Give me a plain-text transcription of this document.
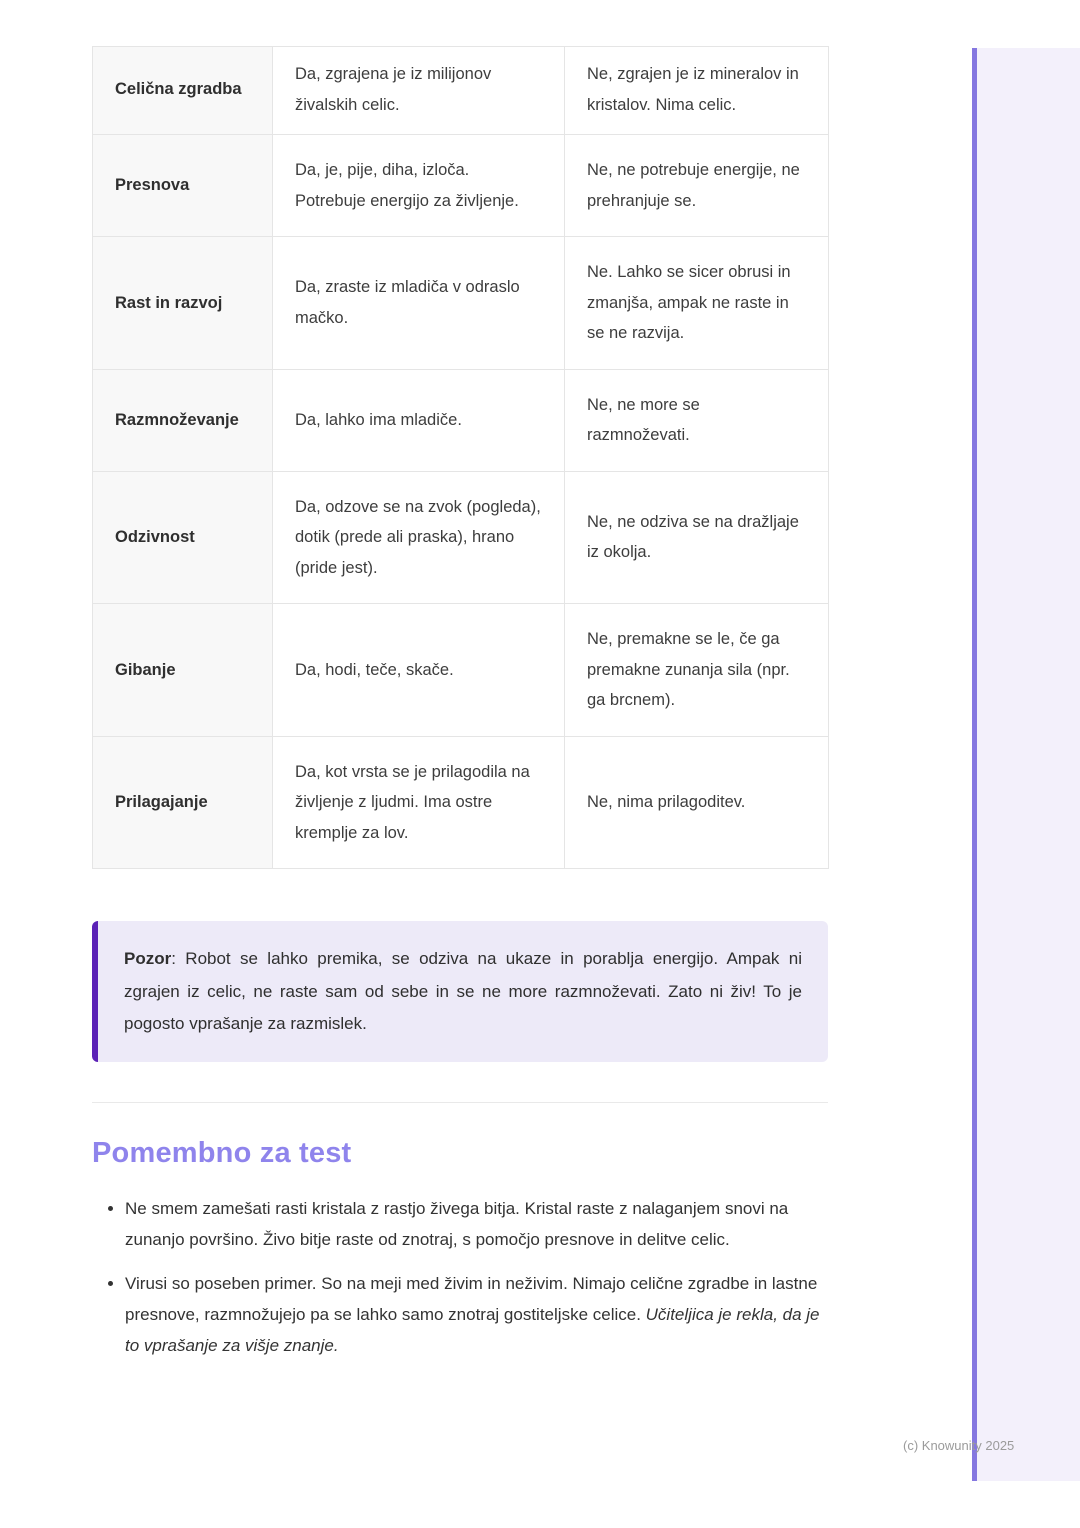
Celična zgradba	Da, zgrajena je iz milijonov živalskih celic.	Ne, zgrajen je iz mineralov in kristalov. Nima celic.
Presnova	Da, je, pije, diha, izloča. Potrebuje energijo za življenje.	Ne, ne potrebuje energije, ne prehranjuje se.
Rast in razvoj	Da, zraste iz mladiča v odraslo mačko.	Ne. Lahko se sicer obrusi in zmanjša, ampak ne raste in se ne razvija.
Razmnoževanje	Da, lahko ima mladiče.	Ne, ne more se razmnoževati.
Odzivnost	Da, odzove se na zvok (pogleda), dotik (prede ali praska), hrano (pride jest).	Ne, ne odziva se na dražljaje iz okolja.
Gibanje	Da, hodi, teče, skače.	Ne, premakne se le, če ga premakne zunanja sila (npr. ga brcnem).
Prilagajanje	Da, kot vrsta se je prilagodila na življenje z ljudmi. Ima ostre kremplje za lov.	Ne, nima prilagoditev.
Pozor: Robot se lahko premika, se odziva na ukaze in porablja energijo. Ampak ni zgrajen iz celic, ne raste sam od sebe in se ne more razmnoževati. Zato ni živ! To je pogosto vprašanje za razmislek.
Pomembno za test
• Ne smem zamešati rasti kristala z rastjo živega bitja. Kristal raste z nalaganjem snovi na zunanjo površino. Živo bitje raste od znotraj, s pomočjo presnove in delitve celic.
• Virusi so poseben primer. So na meji med živim in neživim. Nimajo celične zgradbe in lastne presnove, razmnožujejo pa se lahko samo znotraj gostiteljske celice. Učiteljica je rekla, da je to vprašanje za višje znanje.
(c) Knowunity 2025
